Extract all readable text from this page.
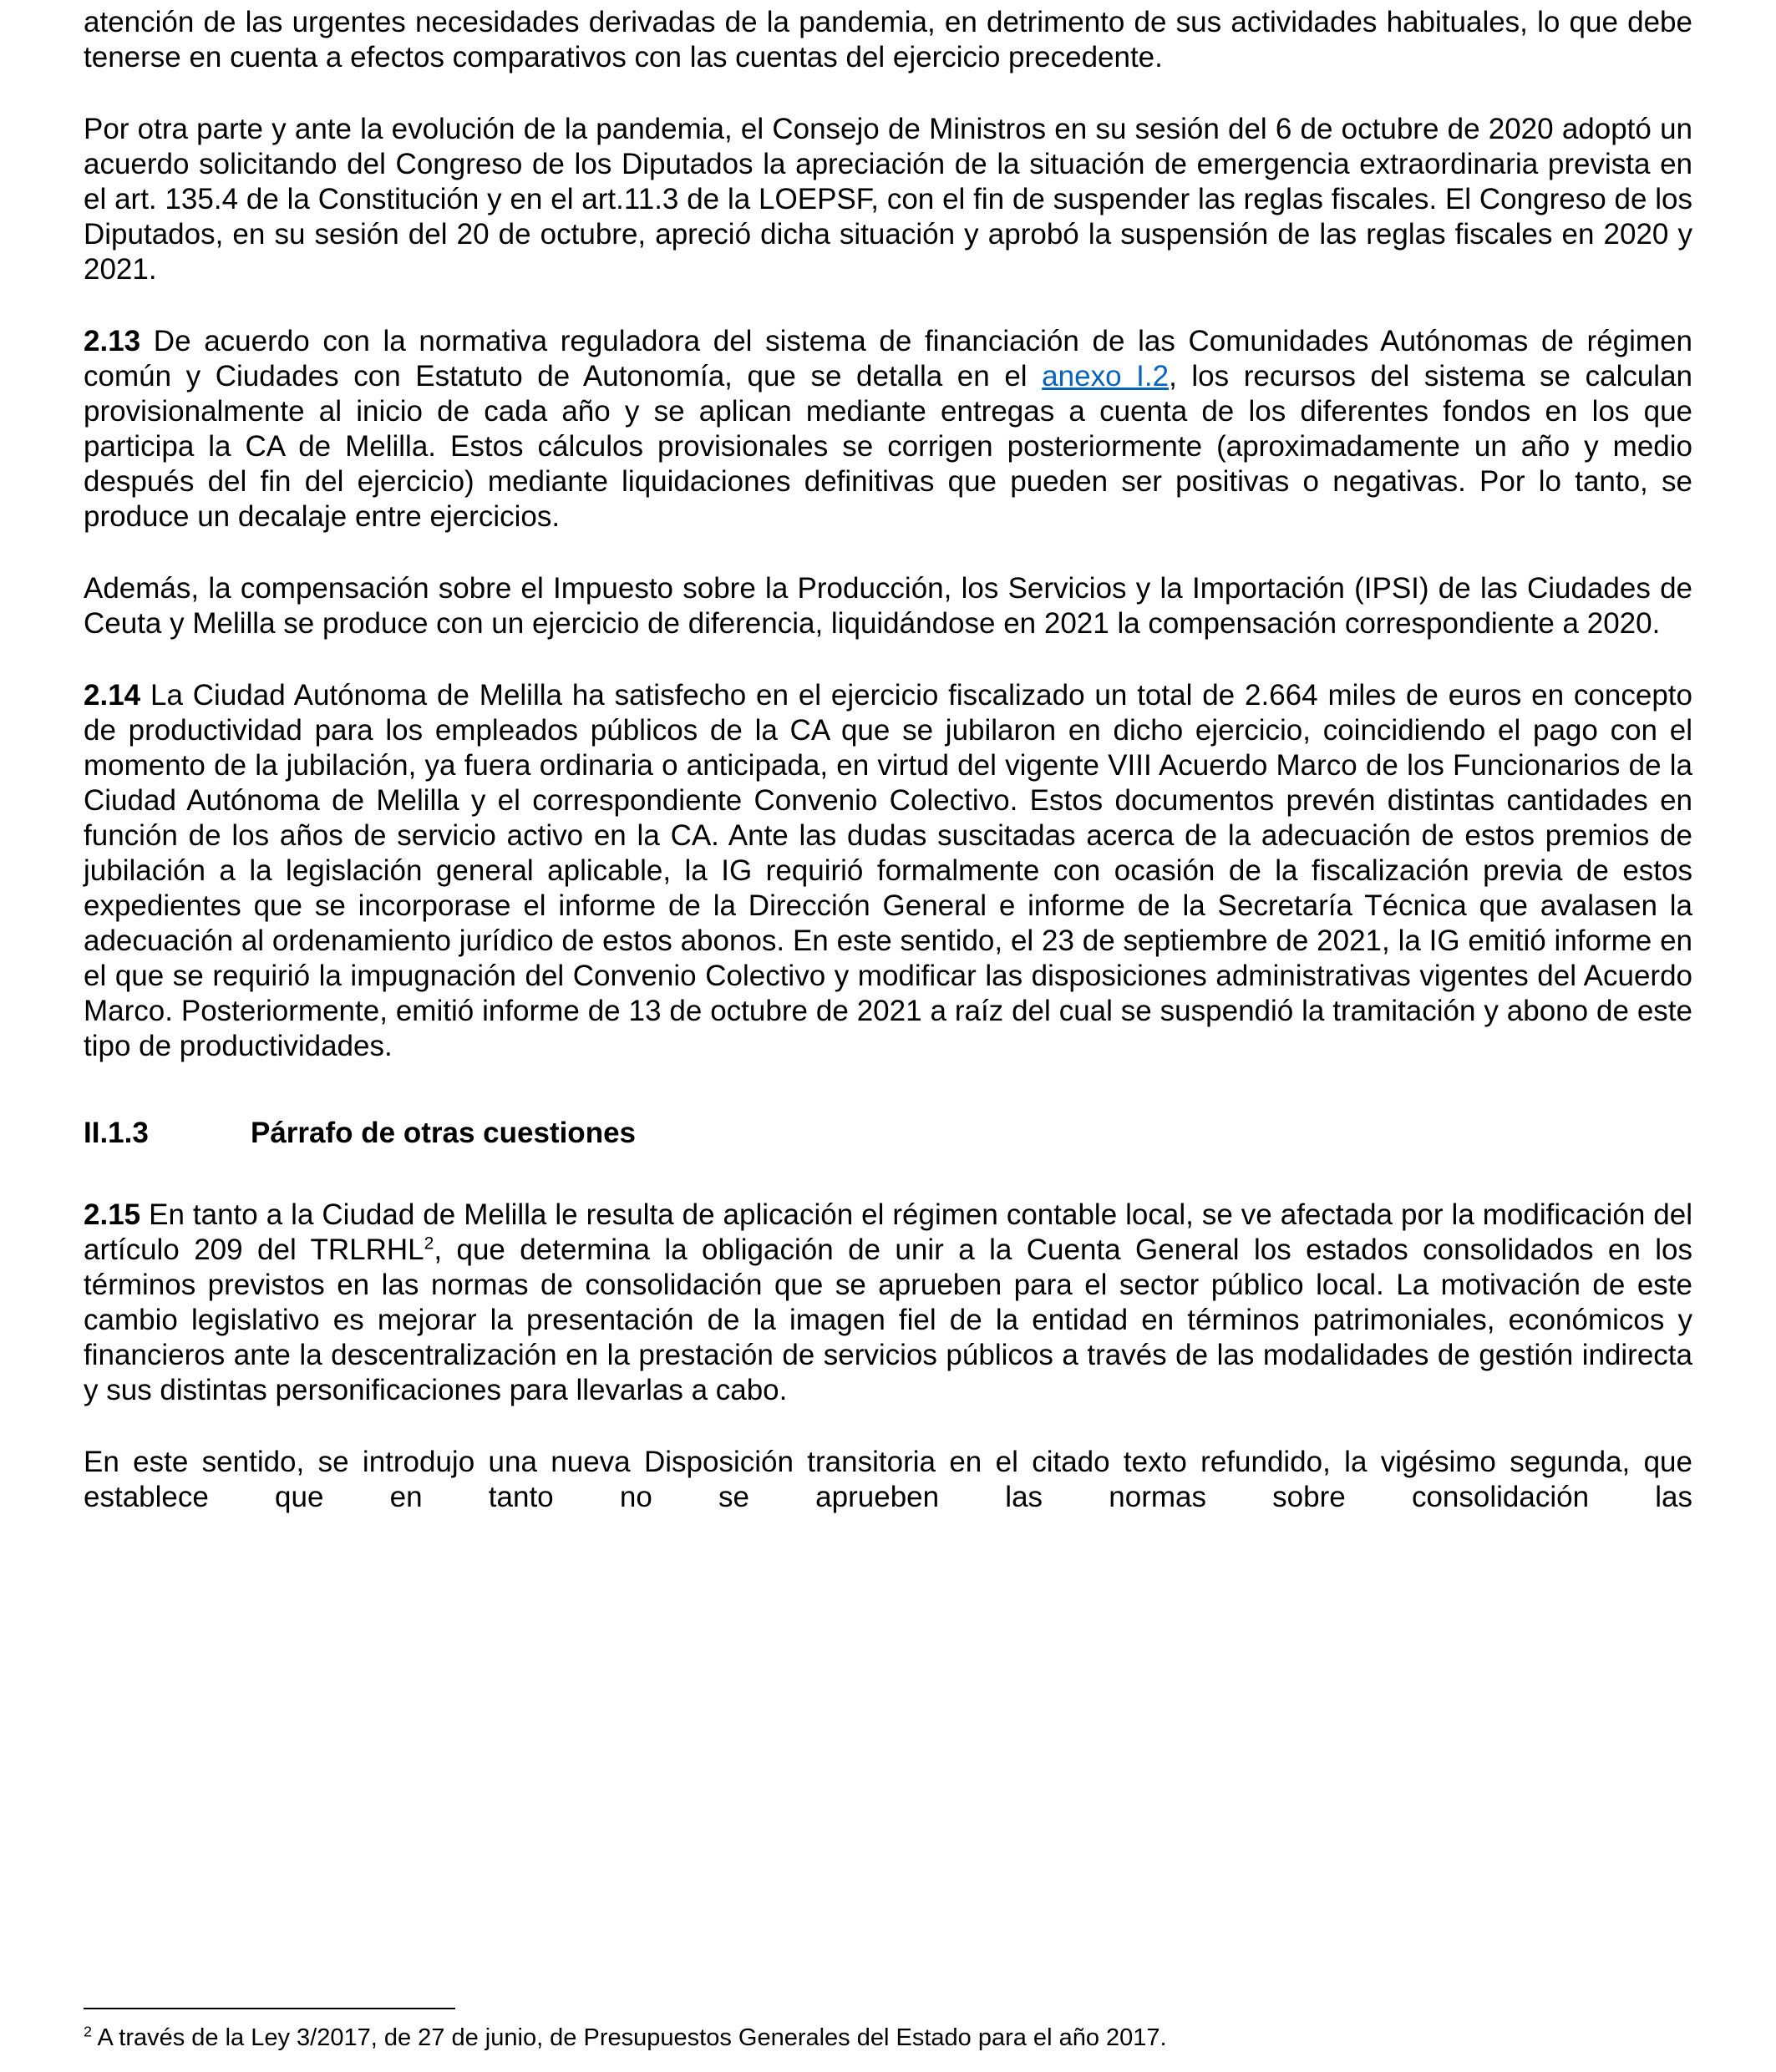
atención de las urgentes necesidades derivadas de la pandemia, en detrimento de sus actividades habituales, lo que debe tenerse en cuenta a efectos comparativos con las cuentas del ejercicio precedente.

Por otra parte y ante la evolución de la pandemia, el Consejo de Ministros en su sesión del 6 de octubre de 2020 adoptó un acuerdo solicitando del Congreso de los Diputados la apreciación de la situación de emergencia extraordinaria prevista en el art. 135.4 de la Constitución y en el art.11.3 de la LOEPSF, con el fin de suspender las reglas fiscales. El Congreso de los Diputados, en su sesión del 20 de octubre, apreció dicha situación y aprobó la suspensión de las reglas fiscales en 2020 y 2021.

2.13 De acuerdo con la normativa reguladora del sistema de financiación de las Comunidades Autónomas de régimen común y Ciudades con Estatuto de Autonomía, que se detalla en el anexo I.2, los recursos del sistema se calculan provisionalmente al inicio de cada año y se aplican mediante entregas a cuenta de los diferentes fondos en los que participa la CA de Melilla. Estos cálculos provisionales se corrigen posteriormente (aproximadamente un año y medio después del fin del ejercicio) mediante liquidaciones definitivas que pueden ser positivas o negativas. Por lo tanto, se produce un decalaje entre ejercicios.

Además, la compensación sobre el Impuesto sobre la Producción, los Servicios y la Importación (IPSI) de las Ciudades de Ceuta y Melilla se produce con un ejercicio de diferencia, liquidándose en 2021 la compensación correspondiente a 2020.

2.14 La Ciudad Autónoma de Melilla ha satisfecho en el ejercicio fiscalizado un total de 2.664 miles de euros en concepto de productividad para los empleados públicos de la CA que se jubilaron en dicho ejercicio, coincidiendo el pago con el momento de la jubilación, ya fuera ordinaria o anticipada, en virtud del vigente VIII Acuerdo Marco de los Funcionarios de la Ciudad Autónoma de Melilla y el correspondiente Convenio Colectivo. Estos documentos prevén distintas cantidades en función de los años de servicio activo en la CA. Ante las dudas suscitadas acerca de la adecuación de estos premios de jubilación a la legislación general aplicable, la IG requirió formalmente con ocasión de la fiscalización previa de estos expedientes que se incorporase el informe de la Dirección General e informe de la Secretaría Técnica que avalasen la adecuación al ordenamiento jurídico de estos abonos. En este sentido, el 23 de septiembre de 2021, la IG emitió informe en el que se requirió la impugnación del Convenio Colectivo y modificar las disposiciones administrativas vigentes del Acuerdo Marco. Posteriormente, emitió informe de 13 de octubre de 2021 a raíz del cual se suspendió la tramitación y abono de este tipo de productividades.

II.1.3	Párrafo de otras cuestiones

2.15 En tanto a la Ciudad de Melilla le resulta de aplicación el régimen contable local, se ve afectada por la modificación del artículo 209 del TRLRHL$^2$, que determina la obligación de unir a la Cuenta General los estados consolidados en los términos previstos en las normas de consolidación que se aprueben para el sector público local. La motivación de este cambio legislativo es mejorar la presentación de la imagen fiel de la entidad en términos patrimoniales, económicos y financieros ante la descentralización en la prestación de servicios públicos a través de las modalidades de gestión indirecta y sus distintas personificaciones para llevarlas a cabo.

En este sentido, se introdujo una nueva Disposición transitoria en el citado texto refundido, la vigésimo segunda, que establece que en tanto no se aprueben las normas sobre consolidación las

$^2$ A través de la Ley 3/2017, de 27 de junio, de Presupuestos Generales del Estado para el año 2017.
